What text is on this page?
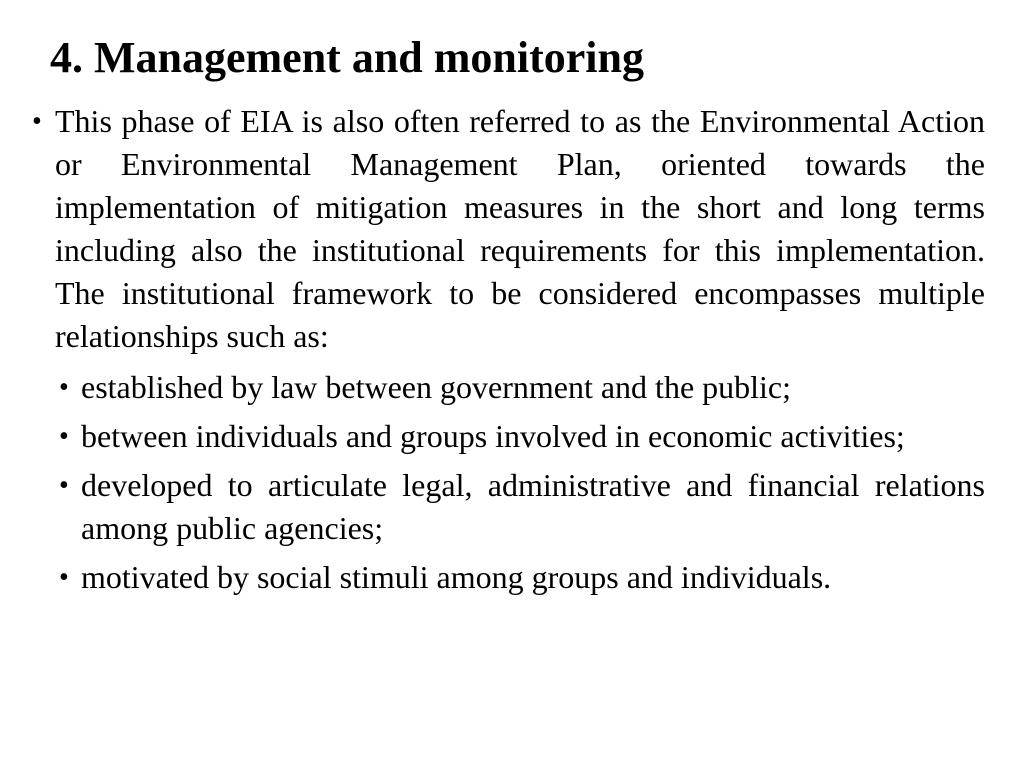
4. Management and monitoring
• This phase of EIA is also often referred to as the Environmental Action or Environmental Management Plan, oriented towards the implementation of mitigation measures in the short and long terms including also the institutional requirements for this implementation. The institutional framework to be considered encompasses multiple relationships such as:
• established by law between government and the public;
• between individuals and groups involved in economic activities;
• developed to articulate legal, administrative and financial relations among public agencies;
• motivated by social stimuli among groups and individuals.
